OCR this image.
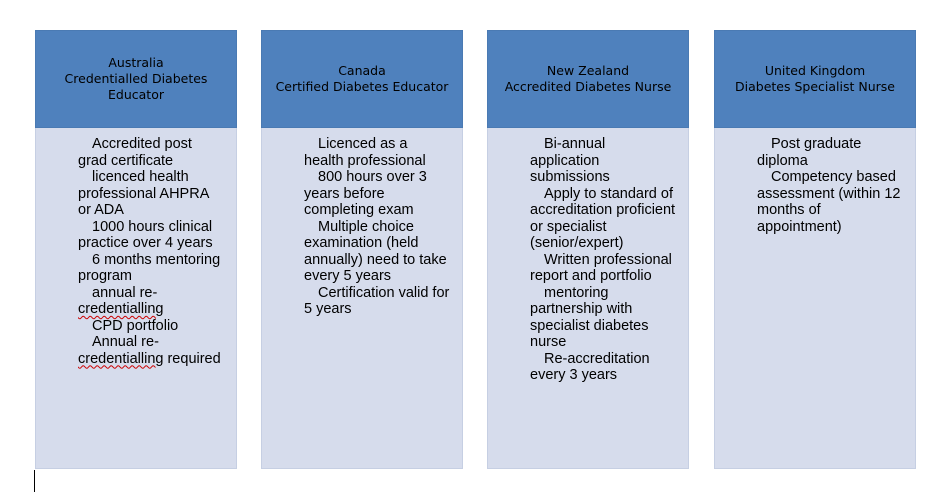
Australia
Credentialled Diabetes Educator
Accredited post grad certificate
licenced health professional AHPRA or ADA
1000 hours clinical practice over 4 years
6 months mentoring program
annual re-credentialling
CPD portfolio
Annual re-credentialling required
Canada
Certified Diabetes Educator
Licenced as a health professional
800 hours over 3 years before completing exam
Multiple choice examination (held annually) need to take every 5 years
Certification valid for 5 years
New Zealand
Accredited Diabetes Nurse
Bi-annual application submissions
Apply to standard of accreditation proficient or specialist (senior/expert)
Written professional report and portfolio
mentoring partnership with specialist diabetes nurse
Re-accreditation every 3 years
United Kingdom
Diabetes Specialist Nurse
Post graduate diploma
Competency based assessment (within 12 months of appointment)
